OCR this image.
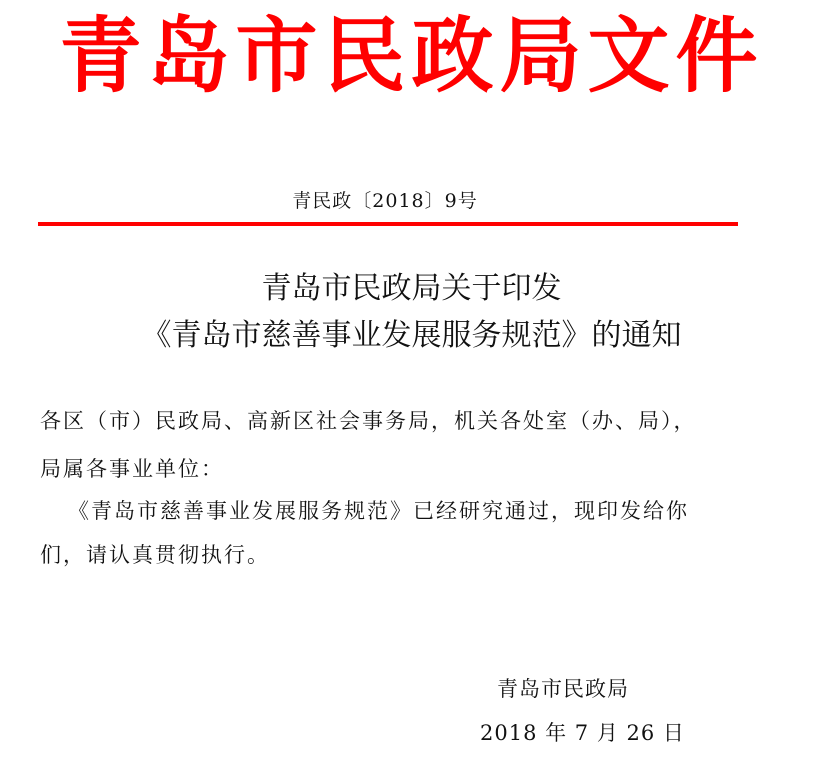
青岛市民政局文件
青民政〔2018〕9号
青岛市民政局关于印发
《青岛市慈善事业发展服务规范》的通知
各区（市）民政局、高新区社会事务局，机关各处室（办、局），
局属各事业单位：
《青岛市慈善事业发展服务规范》已经研究通过，现印发给你
们，请认真贯彻执行。
青岛市民政局
2018 年 7 月 26 日
